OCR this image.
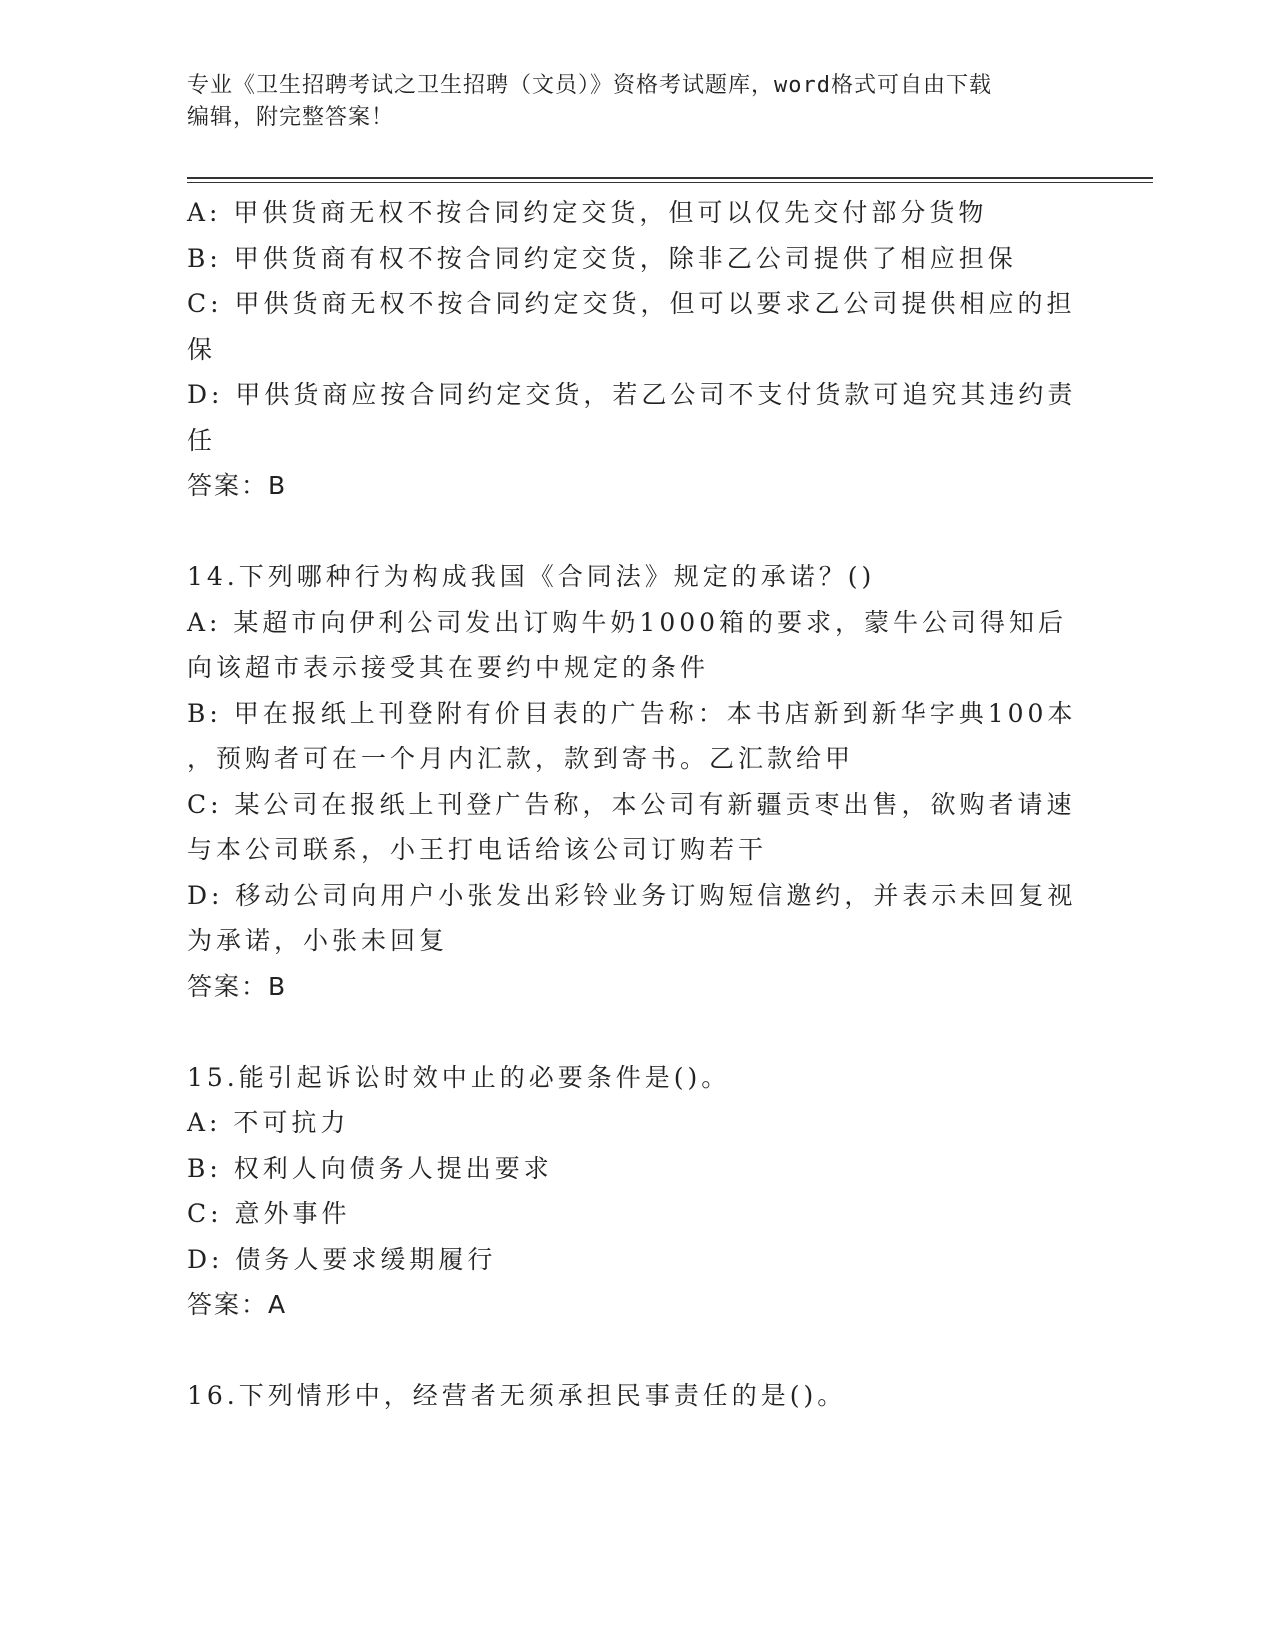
专业《卫生招聘考试之卫生招聘（文员）》资格考试题库，word格式可自由下载
编辑，附完整答案！
A: 甲供货商无权不按合同约定交货，但可以仅先交付部分货物
B: 甲供货商有权不按合同约定交货，除非乙公司提供了相应担保
C: 甲供货商无权不按合同约定交货，但可以要求乙公司提供相应的担
保
D: 甲供货商应按合同约定交货，若乙公司不支付货款可追究其违约责
任
答案：B
14.下列哪种行为构成我国《合同法》规定的承诺？()
A: 某超市向伊利公司发出订购牛奶1000箱的要求，蒙牛公司得知后
向该超市表示接受其在要约中规定的条件
B: 甲在报纸上刊登附有价目表的广告称：本书店新到新华字典100本
，预购者可在一个月内汇款，款到寄书。乙汇款给甲
C: 某公司在报纸上刊登广告称，本公司有新疆贡枣出售，欲购者请速
与本公司联系，小王打电话给该公司订购若干
D: 移动公司向用户小张发出彩铃业务订购短信邀约，并表示未回复视
为承诺，小张未回复
答案：B
15.能引起诉讼时效中止的必要条件是()。
A: 不可抗力
B: 权利人向债务人提出要求
C: 意外事件
D: 债务人要求缓期履行
答案：A
16.下列情形中，经营者无须承担民事责任的是()。
